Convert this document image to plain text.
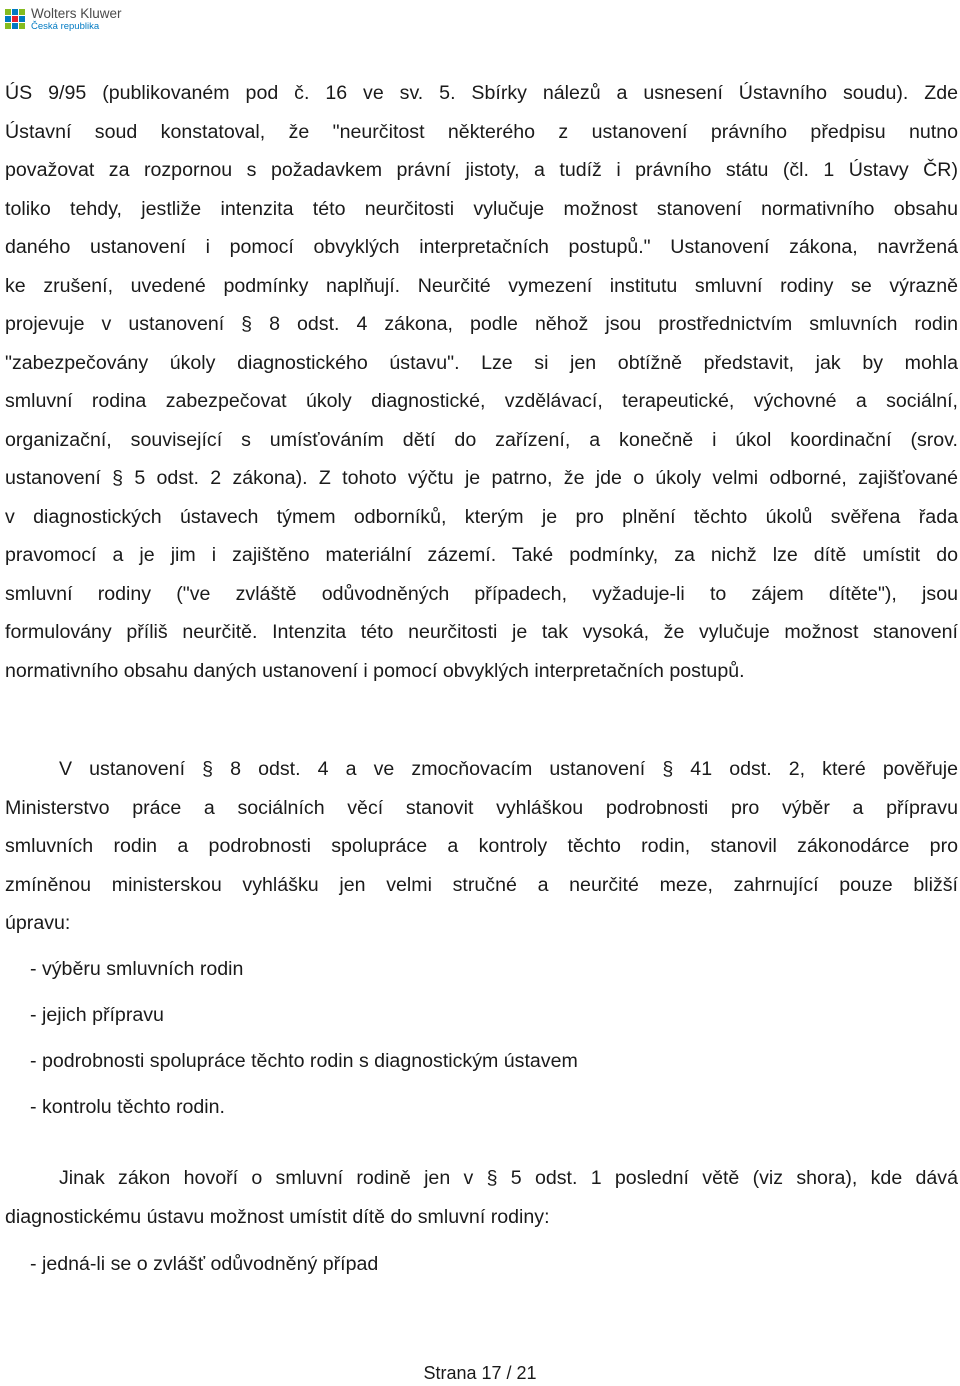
Wolters Kluwer
Česká republika
ÚS 9/95 (publikovaném pod č. 16 ve sv. 5. Sbírky nálezů a usnesení Ústavního soudu). Zde
Ústavní soud konstatoval, že "neurčitost některého z ustanovení právního předpisu nutno
považovat za rozpornou s požadavkem právní jistoty, a tudíž i právního státu (čl. 1 Ústavy ČR)
toliko tehdy, jestliže intenzita této neurčitosti vylučuje možnost stanovení normativního obsahu
daného ustanovení i pomocí obvyklých interpretačních postupů." Ustanovení zákona, navržená
ke zrušení, uvedené podmínky naplňují. Neurčité vymezení institutu smluvní rodiny se výrazně
projevuje v ustanovení § 8 odst. 4 zákona, podle něhož jsou prostřednictvím smluvních rodin
"zabezpečovány úkoly diagnostického ústavu". Lze si jen obtížně představit, jak by mohla
smluvní rodina zabezpečovat úkoly diagnostické, vzdělávací, terapeutické, výchovné a sociální,
organizační, související s umísťováním dětí do zařízení, a konečně i úkol koordinační (srov.
ustanovení § 5 odst. 2 zákona). Z tohoto výčtu je patrno, že jde o úkoly velmi odborné, zajišťované
v diagnostických ústavech týmem odborníků, kterým je pro plnění těchto úkolů svěřena řada
pravomocí a je jim i zajištěno materiální zázemí. Také podmínky, za nichž lze dítě umístit do
smluvní rodiny ("ve zvláště odůvodněných případech, vyžaduje-li to zájem dítěte"), jsou
formulovány příliš neurčitě. Intenzita této neurčitosti je tak vysoká, že vylučuje možnost stanovení
normativního obsahu daných ustanovení i pomocí obvyklých interpretačních postupů.
V ustanovení § 8 odst. 4 a ve zmocňovacím ustanovení § 41 odst. 2, které pověřuje
Ministerstvo práce a sociálních věcí stanovit vyhláškou podrobnosti pro výběr a přípravu
smluvních rodin a podrobnosti spolupráce a kontroly těchto rodin, stanovil zákonodárce pro
zmíněnou ministerskou vyhlášku jen velmi stručné a neurčité meze, zahrnující pouze bližší
úpravu:
- výběru smluvních rodin
- jejich přípravu
- podrobnosti spolupráce těchto rodin s diagnostickým ústavem
- kontrolu těchto rodin.
Jinak zákon hovoří o smluvní rodině jen v § 5 odst. 1 poslední větě (viz shora), kde dává
diagnostickému ústavu možnost umístit dítě do smluvní rodiny:
- jedná-li se o zvlášť odůvodněný případ
Strana 17 / 21
